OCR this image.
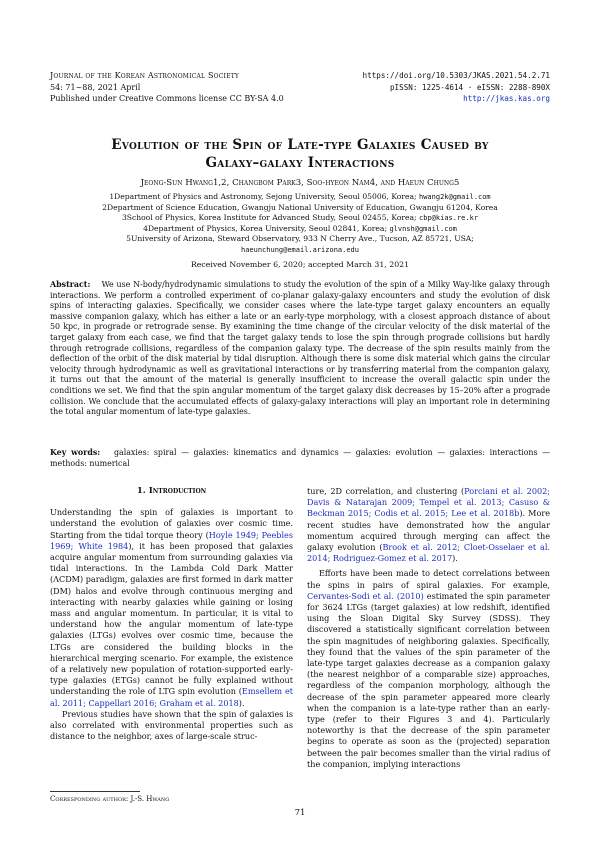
Journal of the Korean Astronomical Society
54: 71∼88, 2021 April
Published under Creative Commons license CC BY-SA 4.0
https://doi.org/10.5303/JKAS.2021.54.2.71
pISSN: 1225-4614 · eISSN: 2288-890X
http://jkas.kas.org
Evolution of the Spin of Late-type Galaxies Caused by
Galaxy–galaxy Interactions
Jeong-Sun Hwang1,2, Changbom Park3, Soo-hyeon Nam4, and Haeun Chung5
1Department of Physics and Astronomy, Sejong University, Seoul 05006, Korea; hwang2k@gmail.com
2Department of Science Education, Gwangju National University of Education, Gwangju 61204, Korea
3School of Physics, Korea Institute for Advanced Study, Seoul 02455, Korea; cbp@kias.re.kr
4Department of Physics, Korea University, Seoul 02841, Korea; glvnsh@gmail.com
5University of Arizona, Steward Observatory, 933 N Cherry Ave., Tucson, AZ 85721, USA;
haeunchung@email.arizona.edu
Received November 6, 2020; accepted March 31, 2021
Abstract: We use N-body/hydrodynamic simulations to study the evolution of the spin of a Milky Way-like galaxy through interactions. We perform a controlled experiment of co-planar galaxy-galaxy encounters and study the evolution of disk spins of interacting galaxies. Specifically, we consider cases where the late-type target galaxy encounters an equally massive companion galaxy, which has either a late or an early-type morphology, with a closest approach distance of about 50 kpc, in prograde or retrograde sense. By examining the time change of the circular velocity of the disk material of the target galaxy from each case, we find that the target galaxy tends to lose the spin through prograde collisions but hardly through retrograde collisions, regardless of the companion galaxy type. The decrease of the spin results mainly from the deflection of the orbit of the disk material by tidal disruption. Although there is some disk material which gains the circular velocity through hydrodynamic as well as gravitational interactions or by transferring material from the companion galaxy, it turns out that the amount of the material is generally insufficient to increase the overall galactic spin under the conditions we set. We find that the spin angular momentum of the target galaxy disk decreases by 15–20% after a prograde collision. We conclude that the accumulated effects of galaxy-galaxy interactions will play an important role in determining the total angular momentum of late-type galaxies.
Key words: galaxies: spiral — galaxies: kinematics and dynamics — galaxies: evolution — galaxies: interactions — methods: numerical
1. Introduction

Understanding the spin of galaxies is important to understand the evolution of galaxies over cosmic time. Starting from the tidal torque theory (Hoyle 1949; Peebles 1969; White 1984), it has been proposed that galaxies acquire angular momentum from surrounding galaxies via tidal interactions. In the Lambda Cold Dark Matter (ΛCDM) paradigm, galaxies are first formed in dark matter (DM) halos and evolve through continuous merging and interacting with nearby galaxies while gaining or losing mass and angular momentum. In particular, it is vital to understand how the angular momentum of late-type galaxies (LTGs) evolves over cosmic time, because the LTGs are considered the building blocks in the hierarchical merging scenario. For example, the existence of a relatively new population of rotation-supported early-type galaxies (ETGs) cannot be fully explained without understanding the role of LTG spin evolution (Emsellem et al. 2011; Cappellari 2016; Graham et al. 2018).

Previous studies have shown that the spin of galaxies is also correlated with environmental properties such as distance to the neighbor, axes of large-scale struc-

ture, 2D correlation, and clustering (Porciani et al. 2002; Davis & Natarajan 2009; Tempel et al. 2013; Casuso & Beckman 2015; Codis et al. 2015; Lee et al. 2018b). More recent studies have demonstrated how the angular momentum acquired through merging can affect the galaxy evolution (Brook et al. 2012; Cloet-Osselaer et al. 2014; Rodriguez-Gomez et al. 2017).

Efforts have been made to detect correlations between the spins in pairs of spiral galaxies. For example, Cervantes-Sodi et al. (2010) estimated the spin parameter for 3624 LTGs (target galaxies) at low redshift, identified using the Sloan Digital Sky Survey (SDSS). They discovered a statistically significant correlation between the spin magnitudes of neighboring galaxies. Specifically, they found that the values of the spin parameter of the late-type target galaxies decrease as a companion galaxy (the nearest neighbor of a comparable size) approaches, regardless of the companion morphology, although the decrease of the spin parameter appeared more clearly when the companion is a late-type rather than an early-type (refer to their Figures 3 and 4). Particularly noteworthy is that the decrease of the spin parameter begins to operate as soon as the (projected) separation between the pair becomes smaller than the virial radius of the companion, implying interactions

Corresponding author: J.-S. Hwang
71
